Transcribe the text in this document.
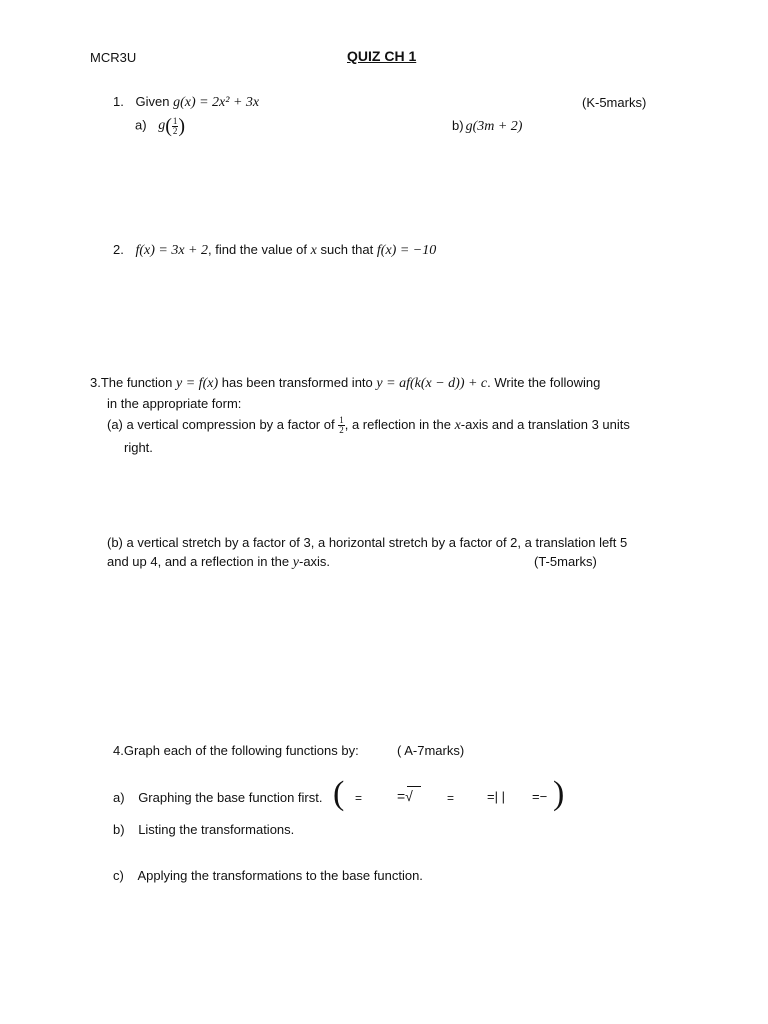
MCR3U	QUIZ CH 1
1. Given g(x) = 2x² + 3x	(K-5marks)
a) $g( \frac{1}{2}$ )	b) g(3m + 2)
2. f(x) = 3x + 2, find the value of x such that f(x) = −10
3.The function y = f(x) has been transformed into y = af(k(x − d)) + c. Write the following
in the appropriate form:
(a) a vertical compression by a factor of $\frac{1}{2}$ , a reflection in the x-axis and a translation 3 units
right.
(b) a vertical stretch by a factor of 3, a horizontal stretch by a factor of 2, a translation left 5
and up 4, and a reflection in the y-axis.	(T-5marks)
4.Graph each of the following functions by:	( A-7marks)
a) Graphing the base function first. ( = =√	=	=| | =− )
b) Listing the transformations.
c) Applying the transformations to the base function.
